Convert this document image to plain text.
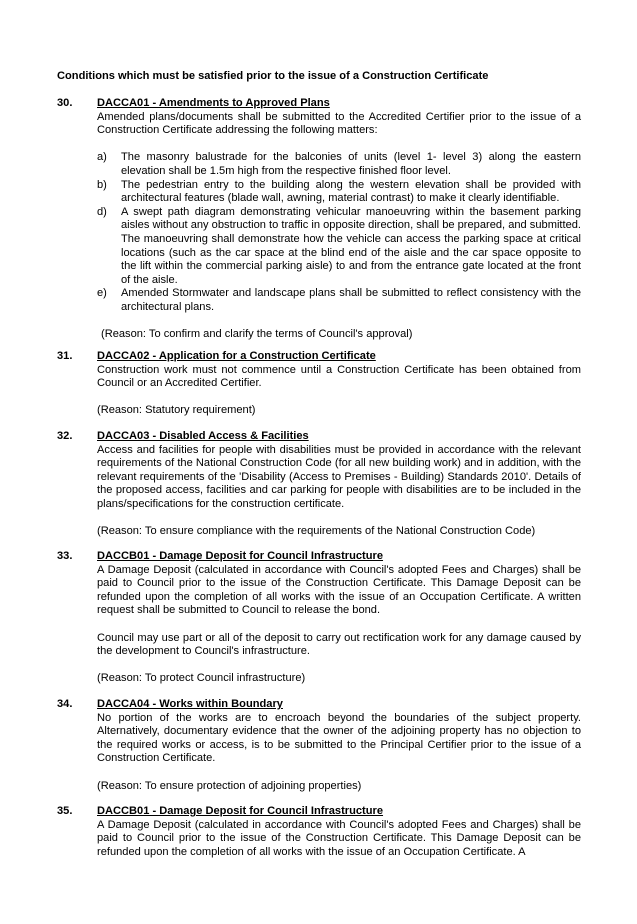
Conditions which must be satisfied prior to the issue of a Construction Certificate

30.	DACCA01 - Amendments to Approved Plans

Amended plans/documents shall be submitted to the Accredited Certifier prior to the issue of a Construction Certificate addressing the following matters:

a) The masonry balustrade for the balconies of units (level 1- level 3) along the eastern elevation shall be 1.5m high from the respective finished floor level.
b) The pedestrian entry to the building along the western elevation shall be provided with architectural features (blade wall, awning, material contrast) to make it clearly identifiable.
d) A swept path diagram demonstrating vehicular manoeuvring within the basement parking aisles without any obstruction to traffic in opposite direction, shall be prepared, and submitted. The manoeuvring shall demonstrate how the vehicle can access the parking space at critical locations (such as the car space at the blind end of the aisle and the car space opposite to the lift within the commercial parking aisle) to and from the entrance gate located at the front of the aisle.
e) Amended Stormwater and landscape plans shall be submitted to reflect consistency with the architectural plans.

(Reason: To confirm and clarify the terms of Council's approval)

31.	DACCA02 - Application for a Construction Certificate

Construction work must not commence until a Construction Certificate has been obtained from Council or an Accredited Certifier.

(Reason: Statutory requirement)

32.	DACCA03 - Disabled Access & Facilities

Access and facilities for people with disabilities must be provided in accordance with the relevant requirements of the National Construction Code (for all new building work) and in addition, with the relevant requirements of the 'Disability (Access to Premises - Building) Standards 2010'. Details of the proposed access, facilities and car parking for people with disabilities are to be included in the plans/specifications for the construction certificate.

(Reason: To ensure compliance with the requirements of the National Construction Code)

33.	DACCB01 - Damage Deposit for Council Infrastructure

A Damage Deposit (calculated in accordance with Council's adopted Fees and Charges) shall be paid to Council prior to the issue of the Construction Certificate. This Damage Deposit can be refunded upon the completion of all works with the issue of an Occupation Certificate. A written request shall be submitted to Council to release the bond.

Council may use part or all of the deposit to carry out rectification work for any damage caused by the development to Council's infrastructure.

(Reason: To protect Council infrastructure)

34.	DACCA04 - Works within Boundary

No portion of the works are to encroach beyond the boundaries of the subject property. Alternatively, documentary evidence that the owner of the adjoining property has no objection to the required works or access, is to be submitted to the Principal Certifier prior to the issue of a Construction Certificate.

(Reason: To ensure protection of adjoining properties)

35.	DACCB01 - Damage Deposit for Council Infrastructure

A Damage Deposit (calculated in accordance with Council's adopted Fees and Charges) shall be paid to Council prior to the issue of the Construction Certificate. This Damage Deposit can be refunded upon the completion of all works with the issue of an Occupation Certificate. A
